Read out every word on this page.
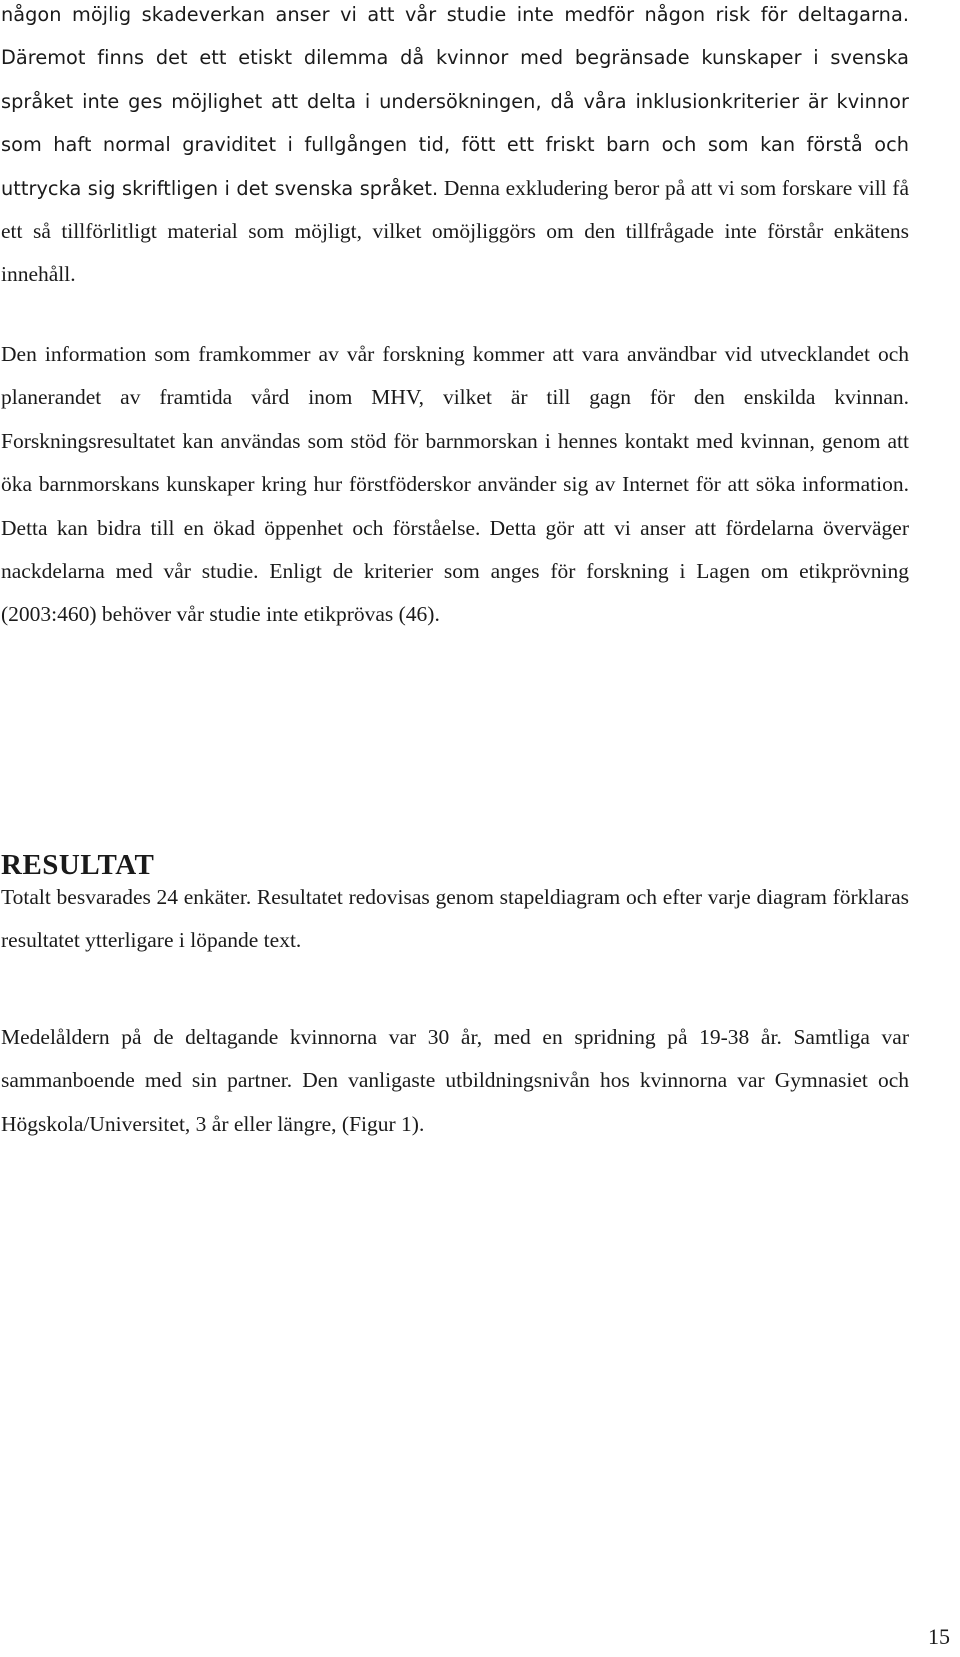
någon möjlig skadeverkan anser vi att vår studie inte medför någon risk för deltagarna. Däremot finns det ett etiskt dilemma då kvinnor med begränsade kunskaper i svenska språket inte ges möjlighet att delta i undersökningen, då våra inklusionkriterier är kvinnor som haft normal graviditet i fullgången tid, fött ett friskt barn och som kan förstå och uttrycka sig skriftligen i det svenska språket. Denna exkludering beror på att vi som forskare vill få ett så tillförlitligt material som möjligt, vilket omöjliggörs om den tillfrågade inte förstår enkätens innehåll.

Den information som framkommer av vår forskning kommer att vara användbar vid utvecklandet och planerandet av framtida vård inom MHV, vilket är till gagn för den enskilda kvinnan. Forskningsresultatet kan användas som stöd för barnmorskan i hennes kontakt med kvinnan, genom att öka barnmorskans kunskaper kring hur förstföderskor använder sig av Internet för att söka information. Detta kan bidra till en ökad öppenhet och förståelse. Detta gör att vi anser att fördelarna överväger nackdelarna med vår studie. Enligt de kriterier som anges för forskning i Lagen om etikprövning (2003:460) behöver vår studie inte etikprövas (46).

RESULTAT

Totalt besvarades 24 enkäter. Resultatet redovisas genom stapeldiagram och efter varje diagram förklaras resultatet ytterligare i löpande text.

Medelåldern på de deltagande kvinnorna var 30 år, med en spridning på 19-38 år. Samtliga var sammanboende med sin partner. Den vanligaste utbildningsnivån hos kvinnorna var Gymnasiet och Högskola/Universitet, 3 år eller längre, (Figur 1).

15
